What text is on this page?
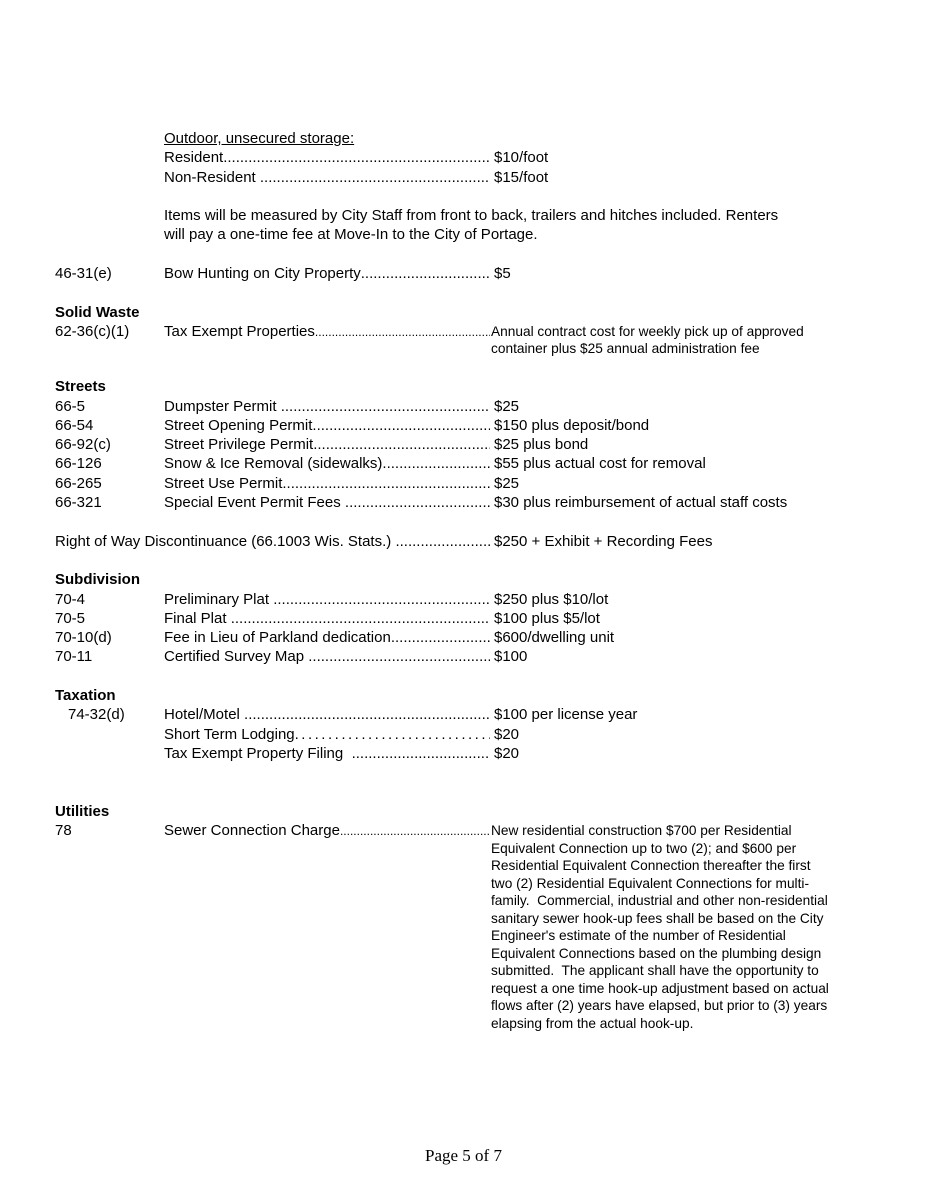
Outdoor, unsecured storage:
Resident .....	$10/foot
Non-Resident .....	$15/foot
Items will be measured by City Staff from front to back, trailers and hitches included. Renters
will pay a one-time fee at Move-In to the City of Portage.
46-31(e)	Bow Hunting on City Property .....	$5
Solid Waste
62-36(c)(1)	Tax Exempt Properties .....	Annual contract cost for weekly pick up of approved
container plus $25 annual administration fee
Streets
66-5	Dumpster Permit .....	$25
66-54	Street Opening Permit .....	$150 plus deposit/bond
66-92(c)	Street Privilege Permit .....	$25 plus bond
66-126	Snow & Ice Removal (sidewalks) .....	$55 plus actual cost for removal
66-265	Street Use Permit .....	$25
66-321	Special Event Permit Fees .....	$30 plus reimbursement of actual staff costs
Right of Way Discontinuance (66.1003 Wis. Stats.) .....	$250 + Exhibit + Recording Fees
Subdivision
70-4	Preliminary Plat .....	$250 plus $10/lot
70-5	Final Plat .....	$100 plus $5/lot
70-10(d)	Fee in Lieu of Parkland dedication .....	$600/dwelling unit
70-11	Certified Survey Map .....	$100
Taxation
74-32(d)	Hotel/Motel .....	$100 per license year
Short Term Lodging .....	$20
Tax Exempt Property Filing .....	$20
Utilities
78	Sewer Connection Charge .....	New residential construction $700 per Residential
Equivalent Connection up to two (2); and $600 per
Residential Equivalent Connection thereafter the first
two (2) Residential Equivalent Connections for multi-
family.  Commercial, industrial and other non-residential
sanitary sewer hook-up fees shall be based on the City
Engineer's estimate of the number of Residential
Equivalent Connections based on the plumbing design
submitted.  The applicant shall have the opportunity to
request a one time hook-up adjustment based on actual
flows after (2) years have elapsed, but prior to (3) years
elapsing from the actual hook-up.
Page 5 of 7
